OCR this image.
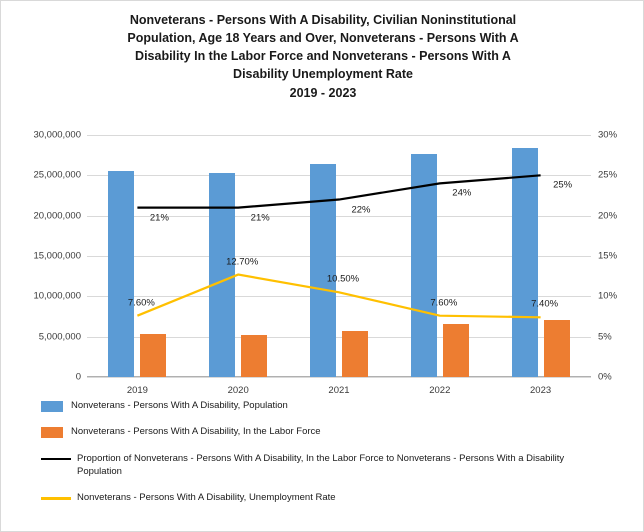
Nonveterans - Persons With A Disability, Civilian Noninstitutional
Population, Age 18 Years and Over, Nonveterans - Persons With A
Disability In the Labor Force and Nonveterans - Persons With A
Disability Unemployment Rate
2019 - 2023
0	0%
5,000,000	5%
10,000,000	10%
15,000,000	15%
20,000,000	20%
25,000,000	25%
30,000,000	30%
2019	2020	2021	2022	2023
21%	21%
22%
24%
25%
7.60%
12.70%
10.50%
7.60%	7.40%
Nonveterans - Persons With A Disability, Population
Nonveterans - Persons With A Disability, In the Labor Force
Proportion of Nonveterans - Persons With A Disability, In the Labor Force to Nonveterans - Persons With a Disability Population
Nonveterans - Persons With A Disability, Unemployment Rate
